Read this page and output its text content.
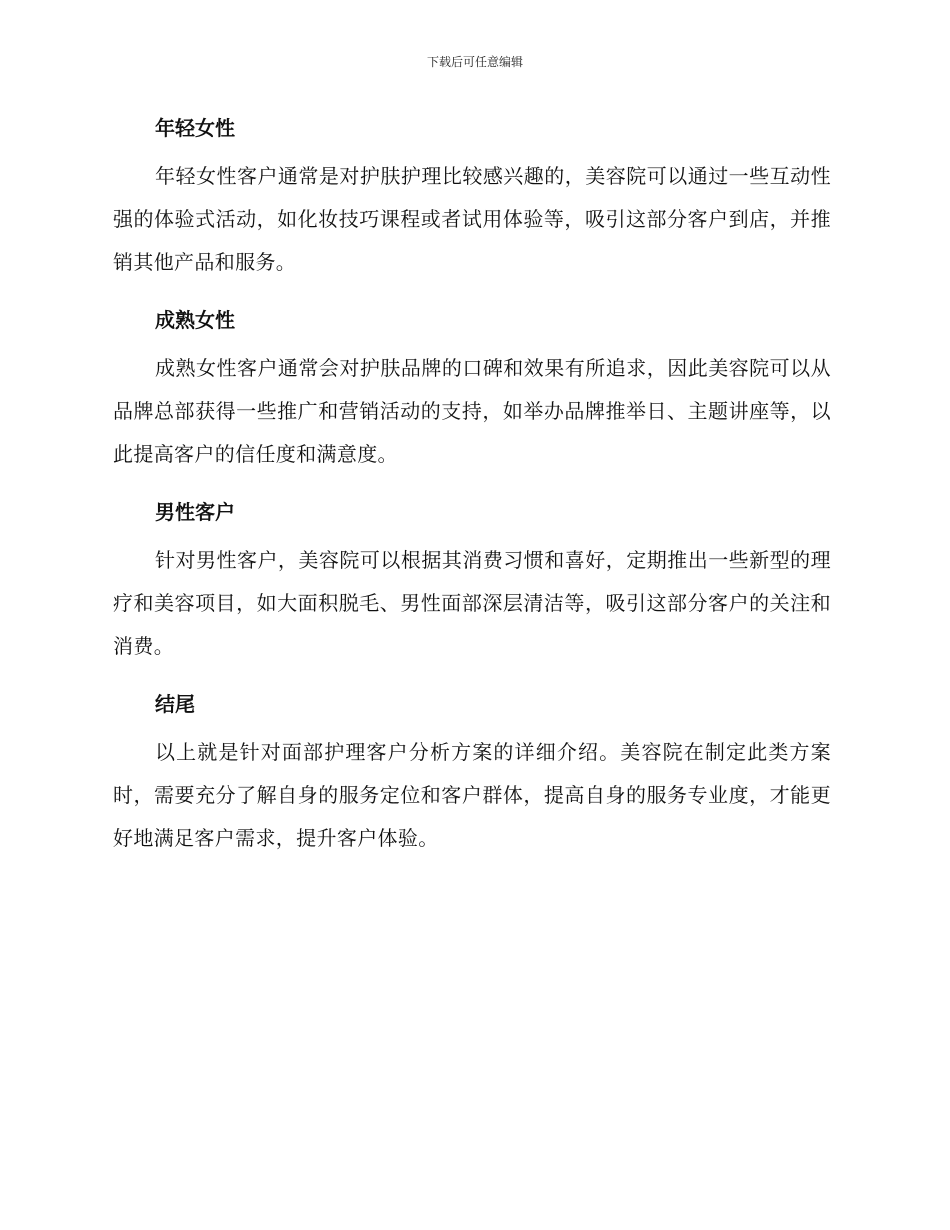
下载后可任意编辑
年轻女性

年轻女性客户通常是对护肤护理比较感兴趣的，美容院可以通过一些互动性强的体验式活动，如化妆技巧课程或者试用体验等，吸引这部分客户到店，并推销其他产品和服务。

成熟女性

成熟女性客户通常会对护肤品牌的口碑和效果有所追求，因此美容院可以从品牌总部获得一些推广和营销活动的支持，如举办品牌推举日、主题讲座等，以此提高客户的信任度和满意度。

男性客户

针对男性客户，美容院可以根据其消费习惯和喜好，定期推出一些新型的理疗和美容项目，如大面积脱毛、男性面部深层清洁等，吸引这部分客户的关注和消费。

结尾

以上就是针对面部护理客户分析方案的详细介绍。美容院在制定此类方案时，需要充分了解自身的服务定位和客户群体，提高自身的服务专业度，才能更好地满足客户需求，提升客户体验。
